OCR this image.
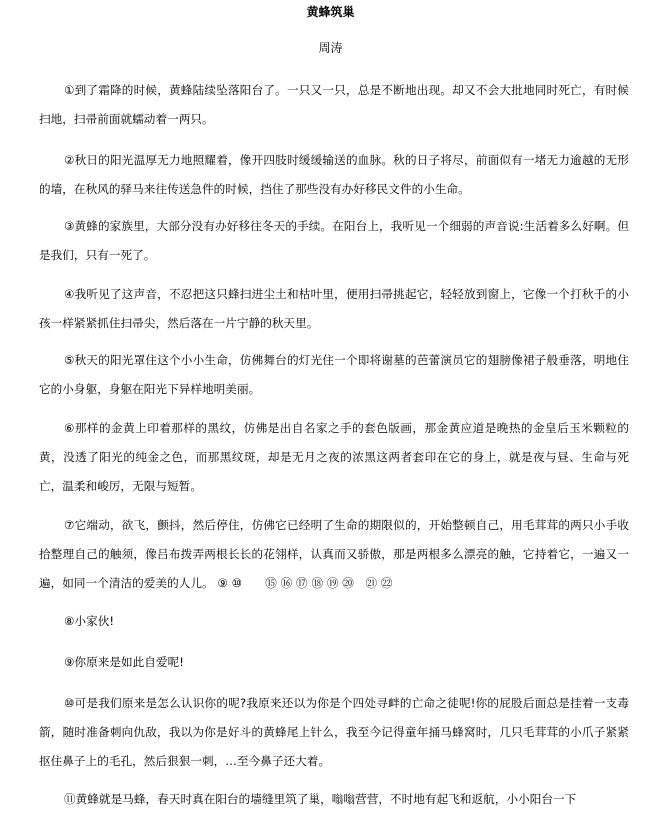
黄蜂筑巢
周涛

①到了霜降的时候，黄蜂陆续坠落阳台了。一只又一只，总是不断地出现。却又不会大批地同时死亡，有时候扫地，扫帚前面就蠕动着一两只。

②秋日的阳光温厚无力地照耀着，像开四肢时缓缓输送的血脉。秋的日子将尽，前面似有一堵无力逾越的无形的墙，在秋风的驿马来往传送急件的时候，挡住了那些没有办好移民文件的小生命。

③黄蜂的家族里，大部分没有办好移往冬天的手续。在阳台上，我听见一个细弱的声音说:生活着多么好啊。但是我们，只有一死了。

④我听见了这声音，不忍把这只蜂扫进尘土和枯叶里，便用扫帚挑起它，轻轻放到窗上，它像一个打秋千的小孩一样紧紧抓住扫帚尖，然后落在一片宁静的秋天里。

⑤秋天的阳光罩住这个小小生命，仿佛舞台的灯光住一个即将谢墓的芭蕾演员它的翅膀像裙子般垂落，明地住它的小身躯，身躯在阳光下异样地明美丽。

⑥那样的金黄上印着那样的黑纹，仿佛是出自名家之手的套色版画，那金黄应道是晚热的金皇后玉米颗粒的黄，没透了阳光的纯金之色，而那黑纹斑，却是无月之夜的浓黑这两者套印在它的身上，就是夜与昼、生命与死亡，温柔和峻厉，无限与短暂。

⑦它端动，欲飞，颤抖，然后停住，仿佛它已经明了生命的期限似的，开始整顿自己，用毛茸茸的两只小手收拾整理自己的触须，像吕布拨弄两根长长的花翎样，认真而又骄傲，那是两根多么漂亮的触，它持着它，一遍又一遍，如同一个清洁的爱美的人儿。 ⑨ ⑩　　⑮ ⑯ ⑰ ⑱ ⑲ ⑳　㉑ ㉒

⑧小家伙!

⑨你原来是如此自爱呢!

⑩可是我们原来是怎么认识你的呢?我原来还以为你是个四处寻衅的亡命之徒呢!你的屁股后面总是挂着一支毒箭，随时准备刺向仇敌，我以为你是好斗的黄蜂尾上针么，我至今记得童年捅马蜂窝时，几只毛茸茸的小爪子紧紧抠住鼻子上的毛孔，然后狠狠一刺，…至今鼻子还大着。

⑪黄蜂就是马蜂，春天时真在阳台的墙缝里筑了巢，嗡嗡营营，不时地有起飞和返航，小小阳台一下
